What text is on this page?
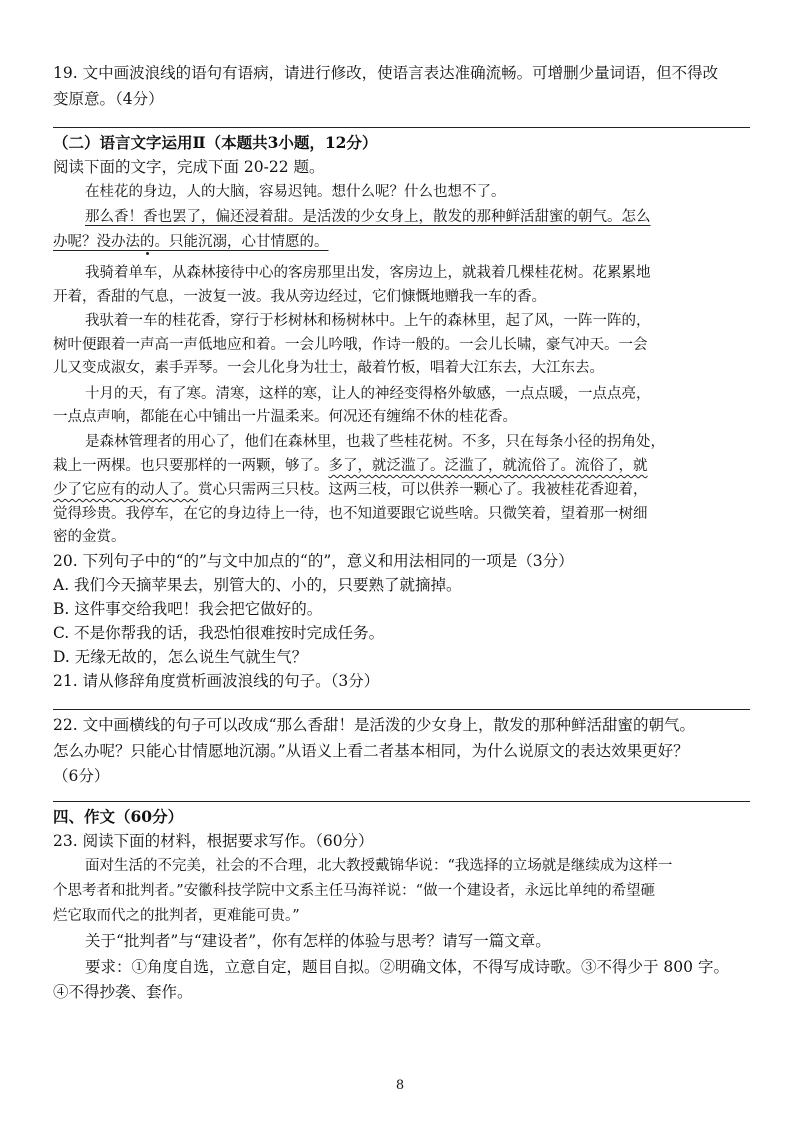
19. 文中画波浪线的语句有语病，请进行修改，使语言表达准确流畅。可增删少量词语，但不得改
变原意。（4分）
（二）语言文字运用Ⅱ（本题共3小题，12分）
阅读下面的文字，完成下面 20-22 题。
在桂花的身边，人的大脑，容易迟钝。想什么呢？什么也想不了。
那么香！香也罢了，偏还浸着甜。是活泼的少女身上，散发的那种鲜活甜蜜的朝气。怎么
办呢？没办法的。只能沉溺，心甘情愿的。
我骑着单车，从森林接待中心的客房那里出发，客房边上，就栽着几棵桂花树。花累累地
开着，香甜的气息，一波复一波。我从旁边经过，它们慷慨地赠我一车的香。
我驮着一车的桂花香，穿行于杉树林和杨树林中。上午的森林里，起了风，一阵一阵的，
树叶便跟着一声高一声低地应和着。一会儿吟哦，作诗一般的。一会儿长啸，豪气冲天。一会
儿又变成淑女，素手弄琴。一会儿化身为壮士，敲着竹板，唱着大江东去，大江东去。
十月的天，有了寒。清寒，这样的寒，让人的神经变得格外敏感，一点点暖，一点点亮，
一点点声响，都能在心中铺出一片温柔来。何况还有缠绵不休的桂花香。
是森林管理者的用心了，他们在森林里，也栽了些桂花树。不多，只在每条小径的拐角处，
栽上一两棵。也只要那样的一两颗，够了。多了，就泛滥了。泛滥了，就流俗了。流俗了，就
少了它应有的动人了。赏心只需两三只枝。这两三枝，可以供养一颗心了。我被桂花香迎着，
觉得珍贵。我停车，在它的身边待上一待，也不知道要跟它说些啥。只微笑着，望着那一树细
密的金赏。
20. 下列句子中的“的”与文中加点的“的”，意义和用法相同的一项是（3分）
A. 我们今天摘苹果去，别管大的、小的，只要熟了就摘掉。
B. 这件事交给我吧！我会把它做好的。
C. 不是你帮我的话，我恐怕很难按时完成任务。
D. 无缘无故的，怎么说生气就生气？
21. 请从修辞角度赏析画波浪线的句子。（3分）
22. 文中画横线的句子可以改成“那么香甜！是活泼的少女身上，散发的那种鲜活甜蜜的朝气。
怎么办呢？只能心甘情愿地沉溺。”从语义上看二者基本相同，为什么说原文的表达效果更好？
（6分）
四、作文（60分）
23. 阅读下面的材料，根据要求写作。（60分）
面对生活的不完美，社会的不合理，北大教授戴锦华说：“我选择的立场就是继续成为这样一
个思考者和批判者。”安徽科技学院中文系主任马海祥说：“做一个建设者，永远比单纯的希望砸
烂它取而代之的批判者，更难能可贵。”
关于“批判者”与“建设者”，你有怎样的体验与思考？请写一篇文章。
要求：①角度自选，立意自定，题目自拟。②明确文体，不得写成诗歌。③不得少于 800 字。
④不得抄袭、套作。
8
